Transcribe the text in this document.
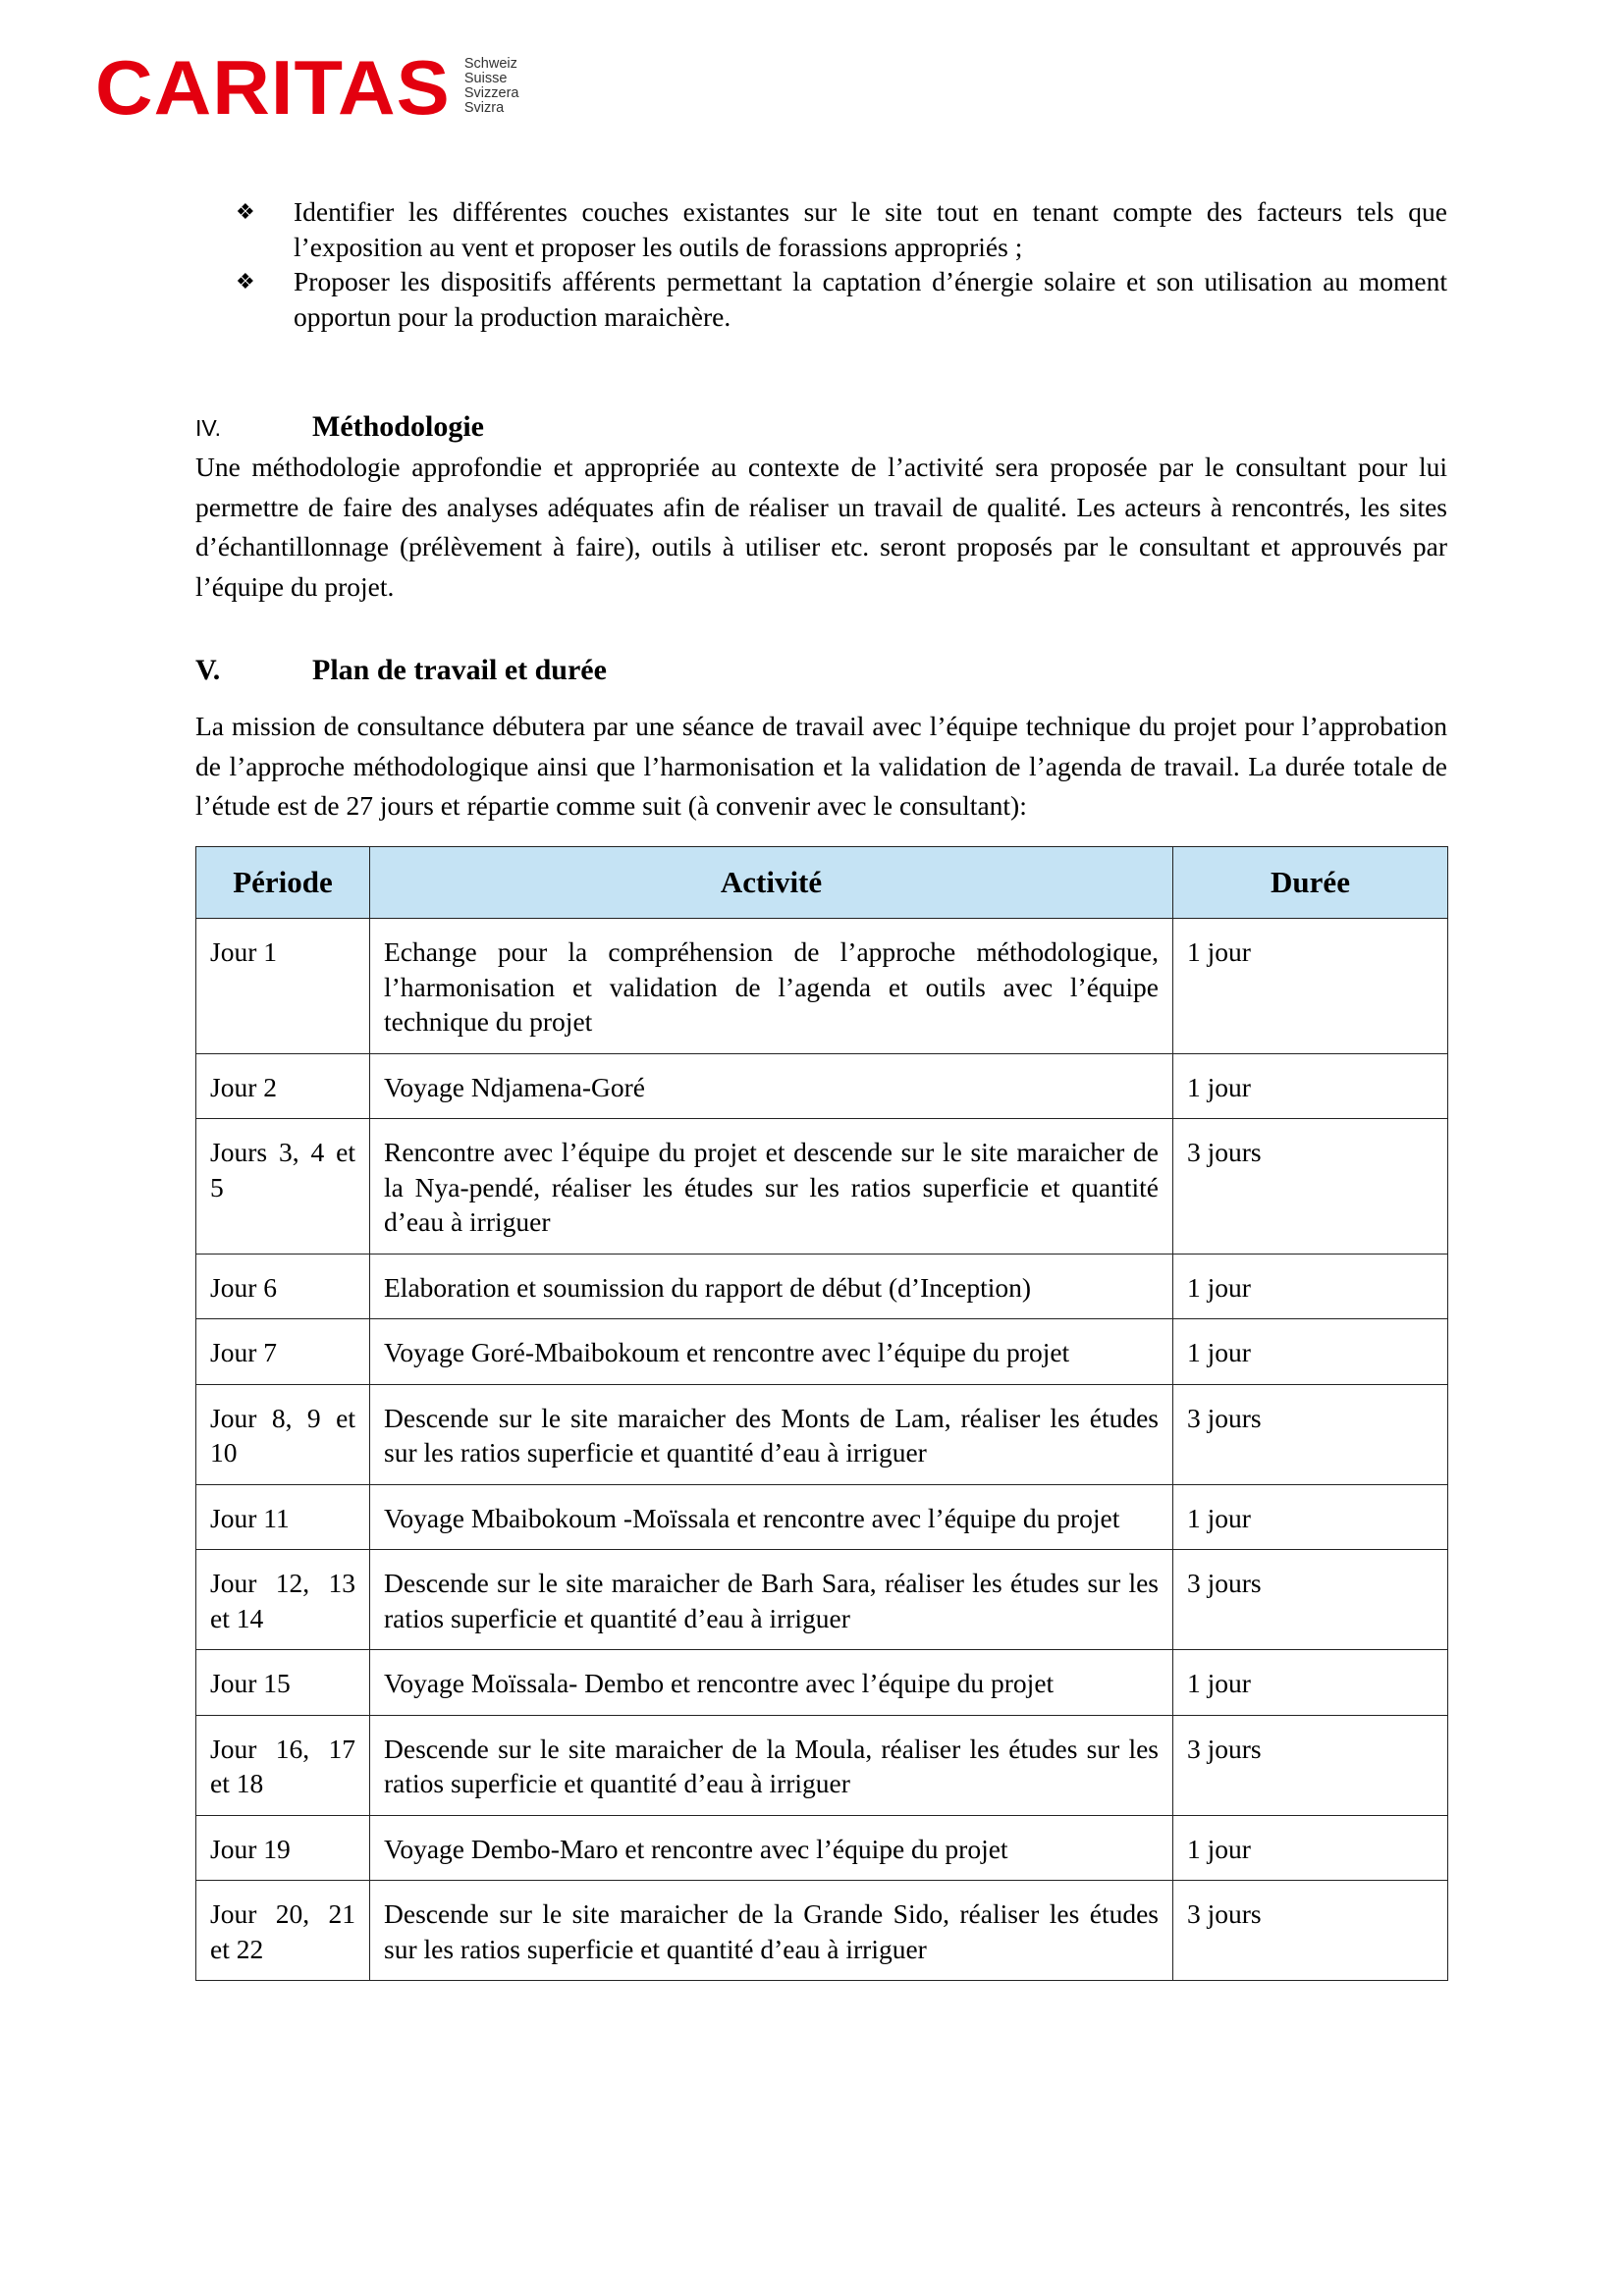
CARITAS Schweiz
Suisse
Svizzera
Svizra
❖ Identifier les différentes couches existantes sur le site tout en tenant compte des facteurs tels que l’exposition au vent et proposer les outils de forassions appropriés ;
❖ Proposer les dispositifs afférents permettant la captation d’énergie solaire et son utilisation au moment opportun pour la production maraichère.
IV.	Méthodologie
Une méthodologie approfondie et appropriée au contexte de l’activité sera proposée par le consultant pour lui permettre de faire des analyses adéquates afin de réaliser un travail de qualité. Les acteurs à rencontrés, les sites d’échantillonnage (prélèvement à faire), outils à utiliser etc. seront proposés par le consultant et approuvés par l’équipe du projet.
V.	Plan de travail et durée
La mission de consultance débutera par une séance de travail avec l’équipe technique du projet pour l’approbation de l’approche méthodologique ainsi que l’harmonisation et la validation de l’agenda de travail. La durée totale de l’étude est de 27 jours et répartie comme suit (à convenir avec le consultant):
Période	Activité	Durée
Jour 1	Echange pour la compréhension de l’approche méthodologique, l’harmonisation et validation de l’agenda et outils avec l’équipe technique du projet	1 jour
Jour 2	Voyage Ndjamena-Goré	1 jour
Jours 3, 4 et 5	Rencontre avec l’équipe du projet et descende sur le site maraicher de la Nya-pendé, réaliser les études sur les ratios superficie et quantité d’eau à irriguer	3 jours
Jour 6	Elaboration et soumission du rapport de début (d’Inception)	1 jour
Jour 7	Voyage Goré-Mbaibokoum et rencontre avec l’équipe du projet	1 jour
Jour 8, 9 et 10	Descende sur le site maraicher des Monts de Lam, réaliser les études sur les ratios superficie et quantité d’eau à irriguer	3 jours
Jour 11	Voyage Mbaibokoum -Moïssala et rencontre avec l’équipe du projet	1 jour
Jour 12, 13 et 14	Descende sur le site maraicher de Barh Sara, réaliser les études sur les ratios superficie et quantité d’eau à irriguer	3 jours
Jour 15	Voyage Moïssala- Dembo et rencontre avec l’équipe du projet	1 jour
Jour 16, 17 et 18	Descende sur le site maraicher de la Moula, réaliser les études sur les ratios superficie et quantité d’eau à irriguer	3 jours
Jour 19	Voyage Dembo-Maro et rencontre avec l’équipe du projet	1 jour
Jour 20, 21 et 22	Descende sur le site maraicher de la Grande Sido, réaliser les études sur les ratios superficie et quantité d’eau à irriguer	3 jours
